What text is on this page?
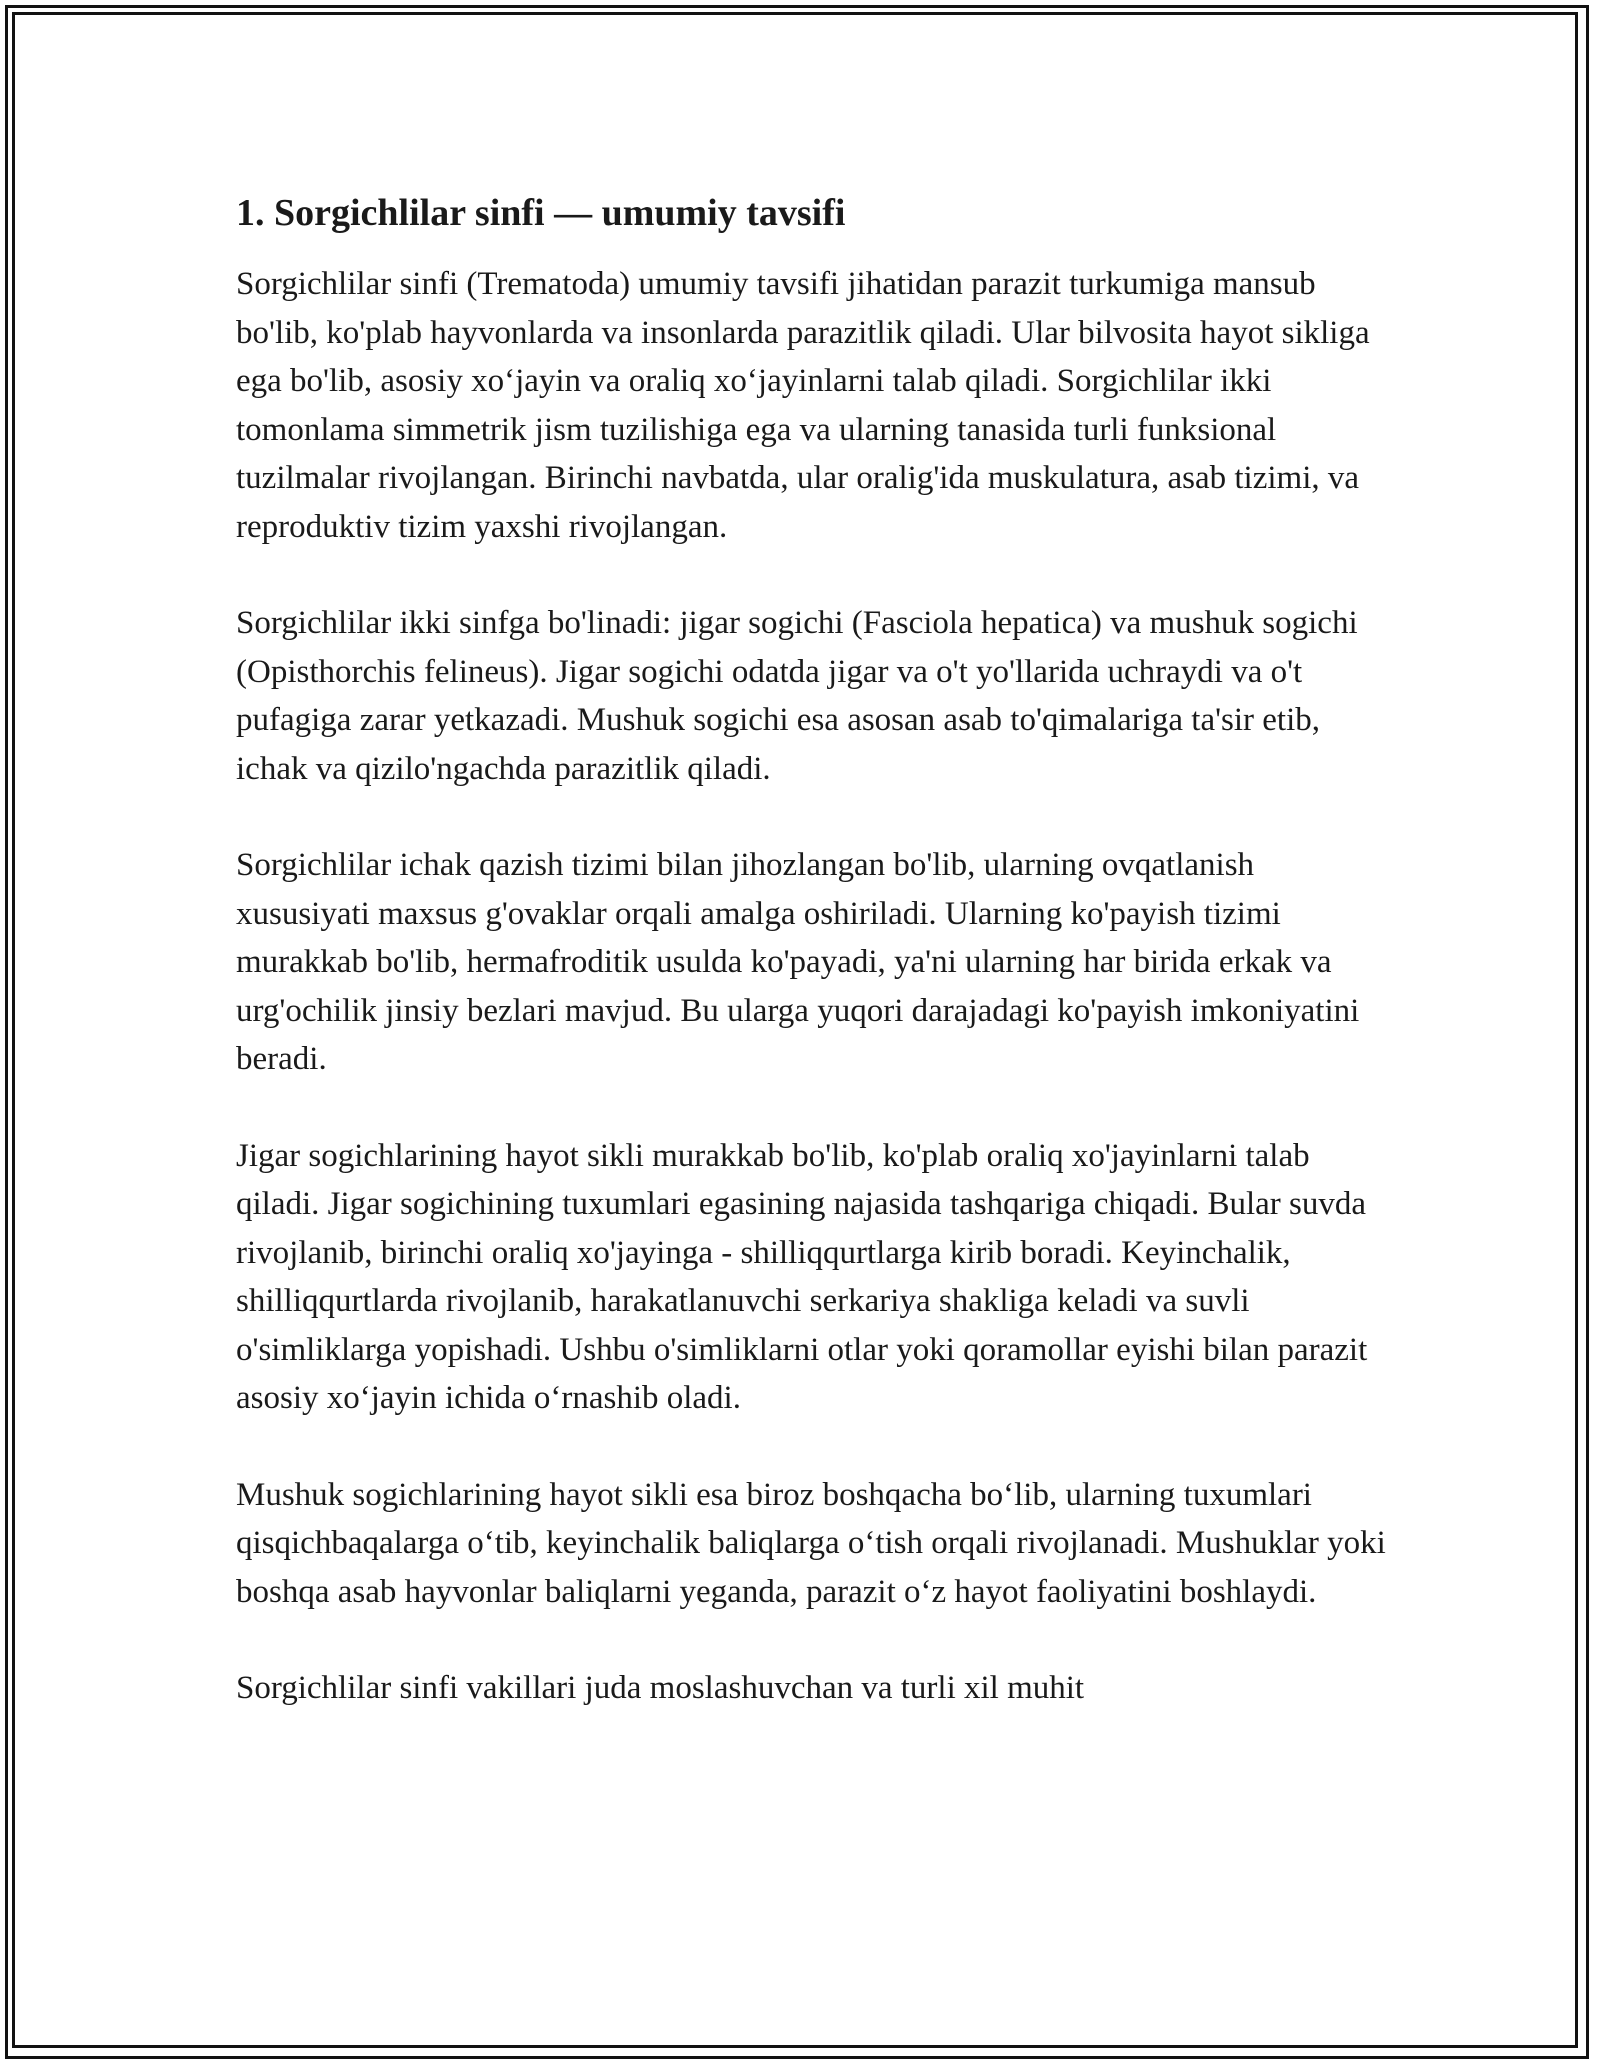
1. Sorgichlilar sinfi — umumiy tavsifi

Sorgichlilar sinfi (Trematoda) umumiy tavsifi jihatidan parazit turkumiga mansub bo'lib, ko'plab hayvonlarda va insonlarda parazitlik qiladi. Ular bilvosita hayot sikliga ega bo'lib, asosiy xo‘jayin va oraliq xo‘jayinlarni talab qiladi. Sorgichlilar ikki tomonlama simmetrik jism tuzilishiga ega va ularning tanasida turli funksional tuzilmalar rivojlangan. Birinchi navbatda, ular oralig'ida muskulatura, asab tizimi, va reproduktiv tizim yaxshi rivojlangan.

Sorgichlilar ikki sinfga bo'linadi: jigar sogichi (Fasciola hepatica) va mushuk sogichi (Opisthorchis felineus). Jigar sogichi odatda jigar va o't yo'llarida uchraydi va o't pufagiga zarar yetkazadi. Mushuk sogichi esa asosan asab to'qimalariga ta'sir etib, ichak va qizilo'ngachda parazitlik qiladi.

Sorgichlilar ichak qazish tizimi bilan jihozlangan bo'lib, ularning ovqatlanish xususiyati maxsus g'ovaklar orqali amalga oshiriladi. Ularning ko'payish tizimi murakkab bo'lib, hermafroditik usulda ko'payadi, ya'ni ularning har birida erkak va urg'ochilik jinsiy bezlari mavjud. Bu ularga yuqori darajadagi ko'payish imkoniyatini beradi.

Jigar sogichlarining hayot sikli murakkab bo'lib, ko'plab oraliq xo'jayinlarni talab qiladi. Jigar sogichining tuxumlari egasining najasida tashqariga chiqadi. Bular suvda rivojlanib, birinchi oraliq xo'jayinga - shilliqqurtlarga kirib boradi. Keyinchalik, shilliqqurtlarda rivojlanib, harakatlanuvchi serkariya shakliga keladi va suvli o'simliklarga yopishadi. Ushbu o'simliklarni otlar yoki qoramollar eyishi bilan parazit asosiy xo‘jayin ichida o‘rnashib oladi.

Mushuk sogichlarining hayot sikli esa biroz boshqacha bo‘lib, ularning tuxumlari qisqichbaqalarga o‘tib, keyinchalik baliqlarga o‘tish orqali rivojlanadi. Mushuklar yoki boshqa asab hayvonlar baliqlarni yeganda, parazit o‘z hayot faoliyatini boshlaydi.

Sorgichlilar sinfi vakillari juda moslashuvchan va turli xil muhit
